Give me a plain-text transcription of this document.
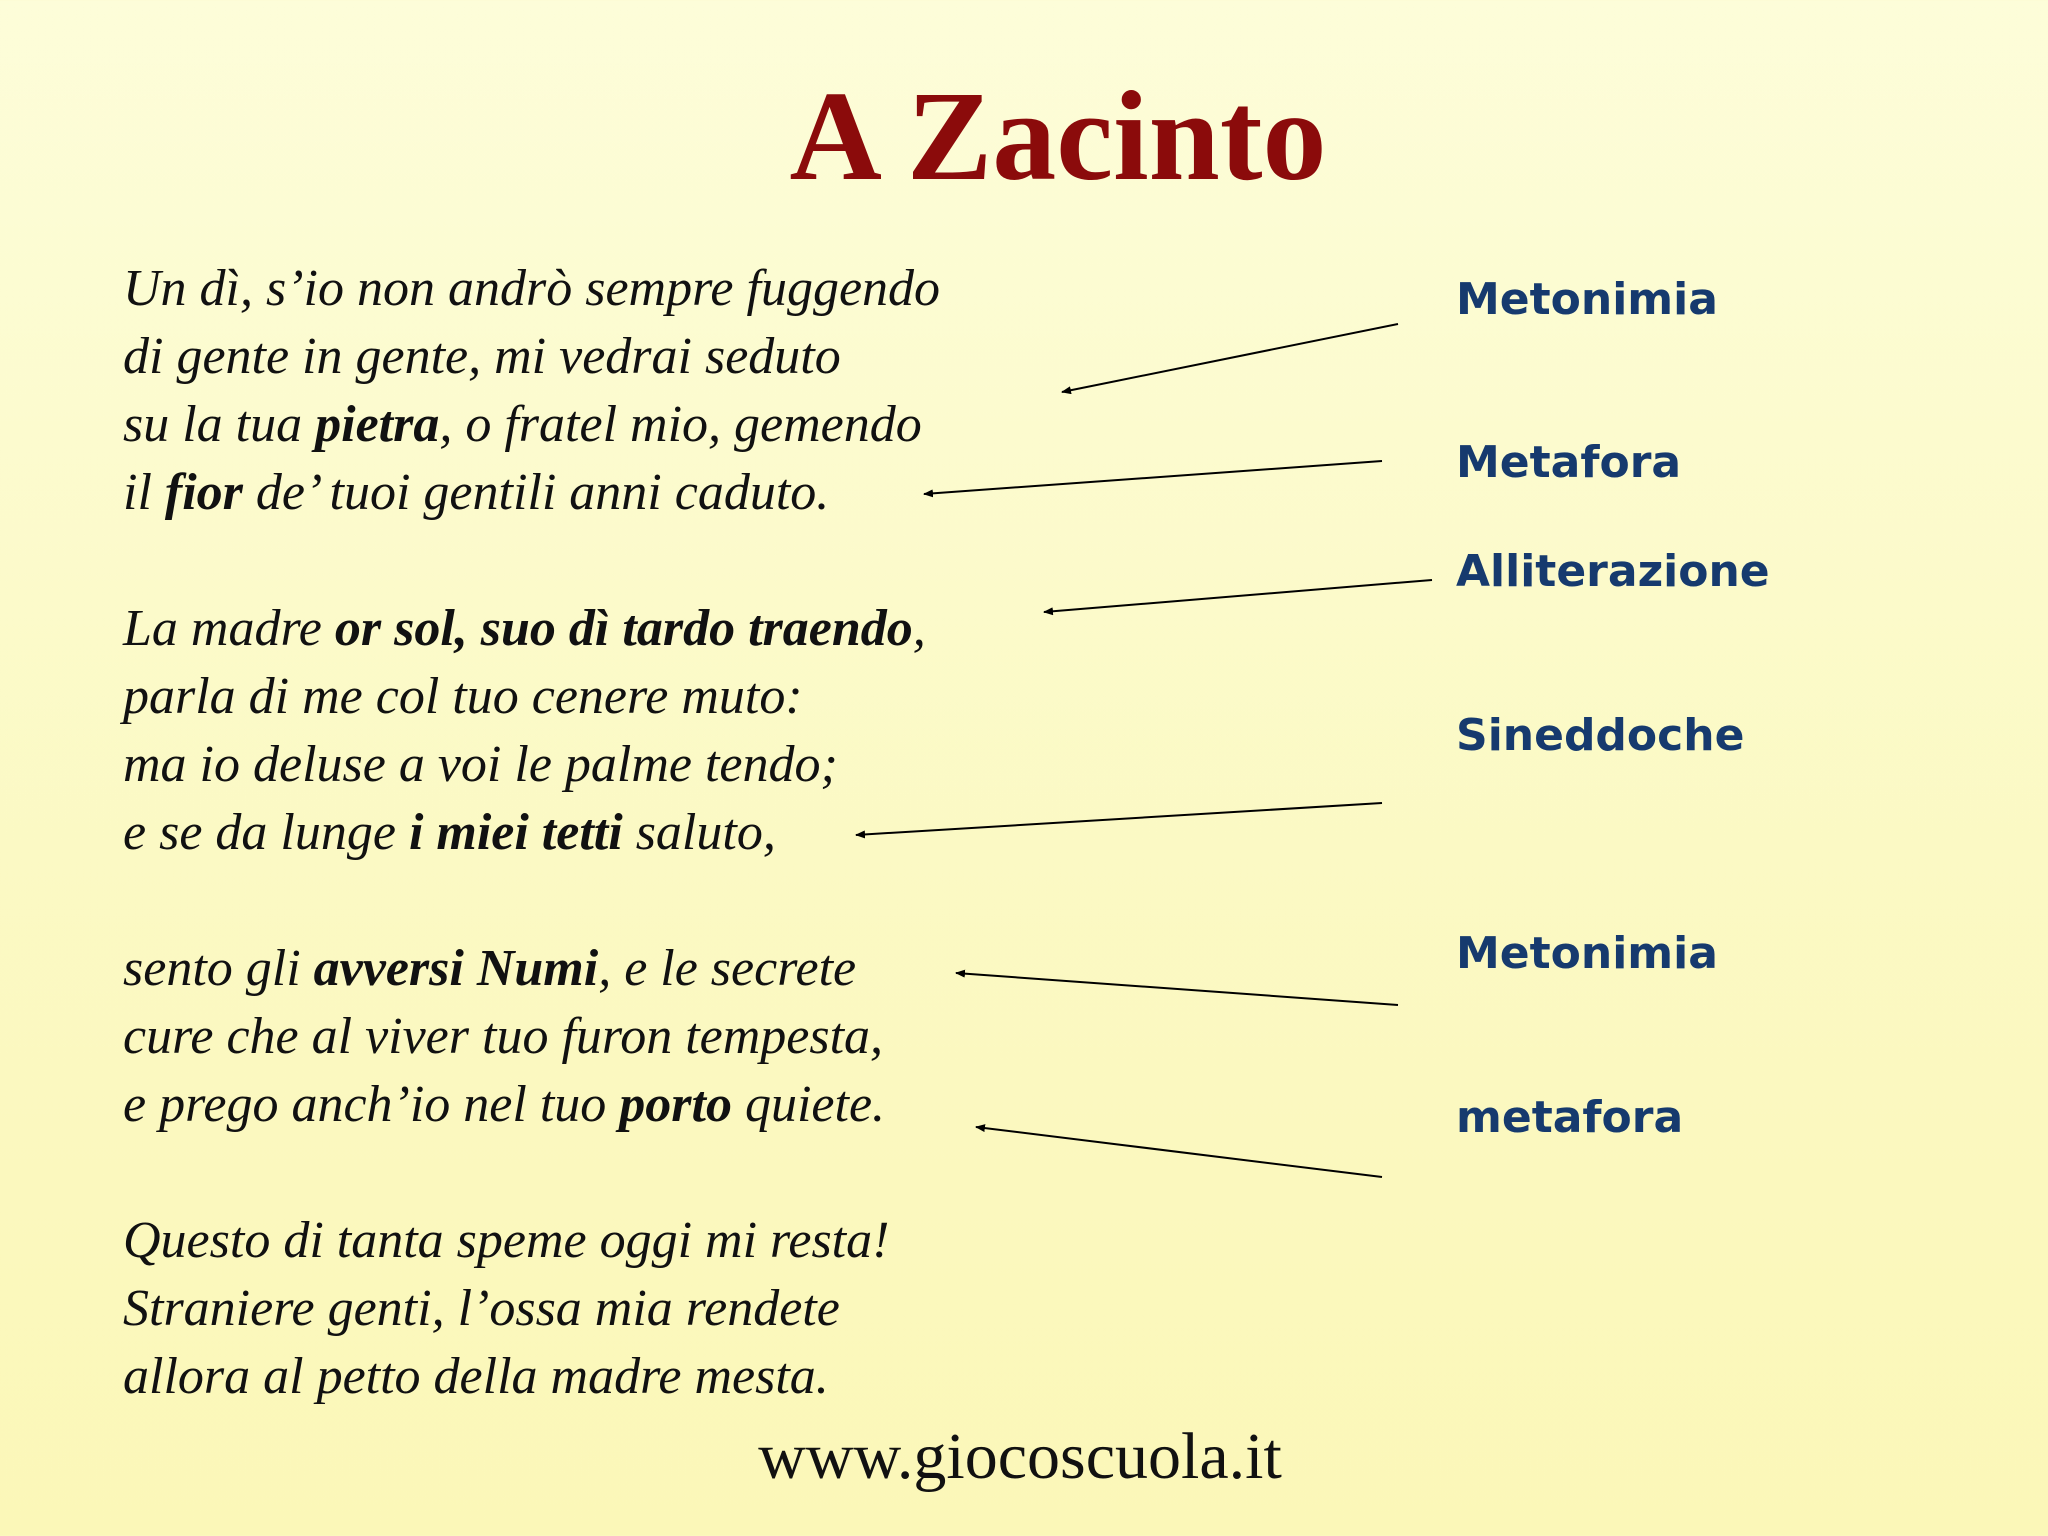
A Zacinto
Un dì, s’io non andrò sempre fuggendo
di gente in gente, mi vedrai seduto
su la tua pietra, o fratel mio, gemendo
il fior de’ tuoi gentili anni caduto.
La madre or sol, suo dì tardo traendo,
parla di me col tuo cenere muto:
ma io deluse a voi le palme tendo;
e se da lunge i miei tetti saluto,
sento gli avversi Numi, e le secrete
cure che al viver tuo furon tempesta,
e prego anch’io nel tuo porto quiete.
Questo di tanta speme oggi mi resta!
Straniere genti, l’ossa mia rendete
allora al petto della madre mesta.
Metonimia
Metafora
Alliterazione
Sineddoche
Metonimia
metafora
www.giocoscuola.it
